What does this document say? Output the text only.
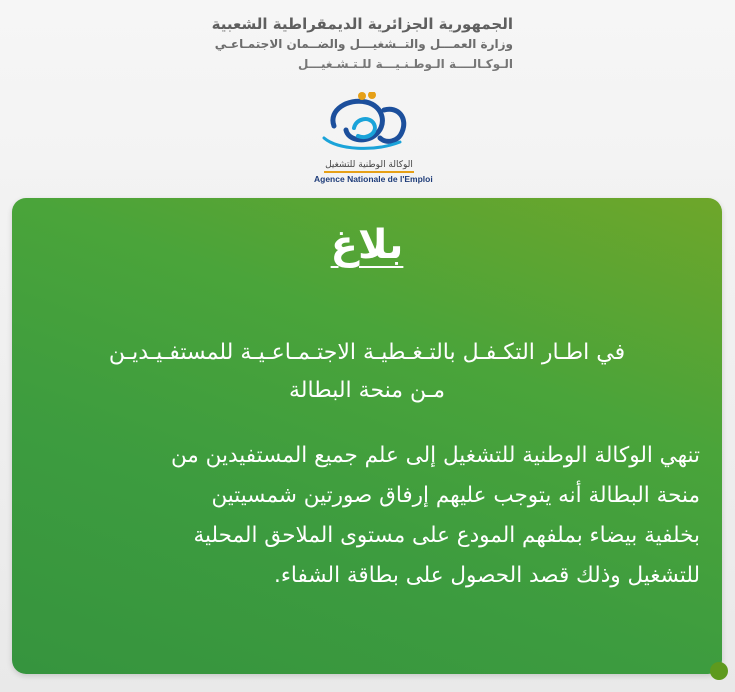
الجمهورية الجزائرية الديمقراطية الشعبية
وزارة العمـــل والتــشغيـــل والضــمان الاجتمـاعـي
الـوكـالــــة الـوطـنـيـــة للـتـشـغيـــل
الوكالة الوطنية للتشغيل
Agence Nationale de l'Emploi
بلاغ
في اطـار التكـفـل بالتـغـطيـة الاجتـمـاعـيـة للمستفـيـديـن
مـن منحة البطالة
تنهي الوكالة الوطنية للتشغيل إلى علم جميع المستفيدين من
منحة البطالة أنه يتوجب عليهم إرفاق صورتين شمسيتين
بخلفية بيضاء بملفهم المودع على مستوى الملاحق المحلية
للتشغيل وذلك قصد الحصول على بطاقة الشفاء.
